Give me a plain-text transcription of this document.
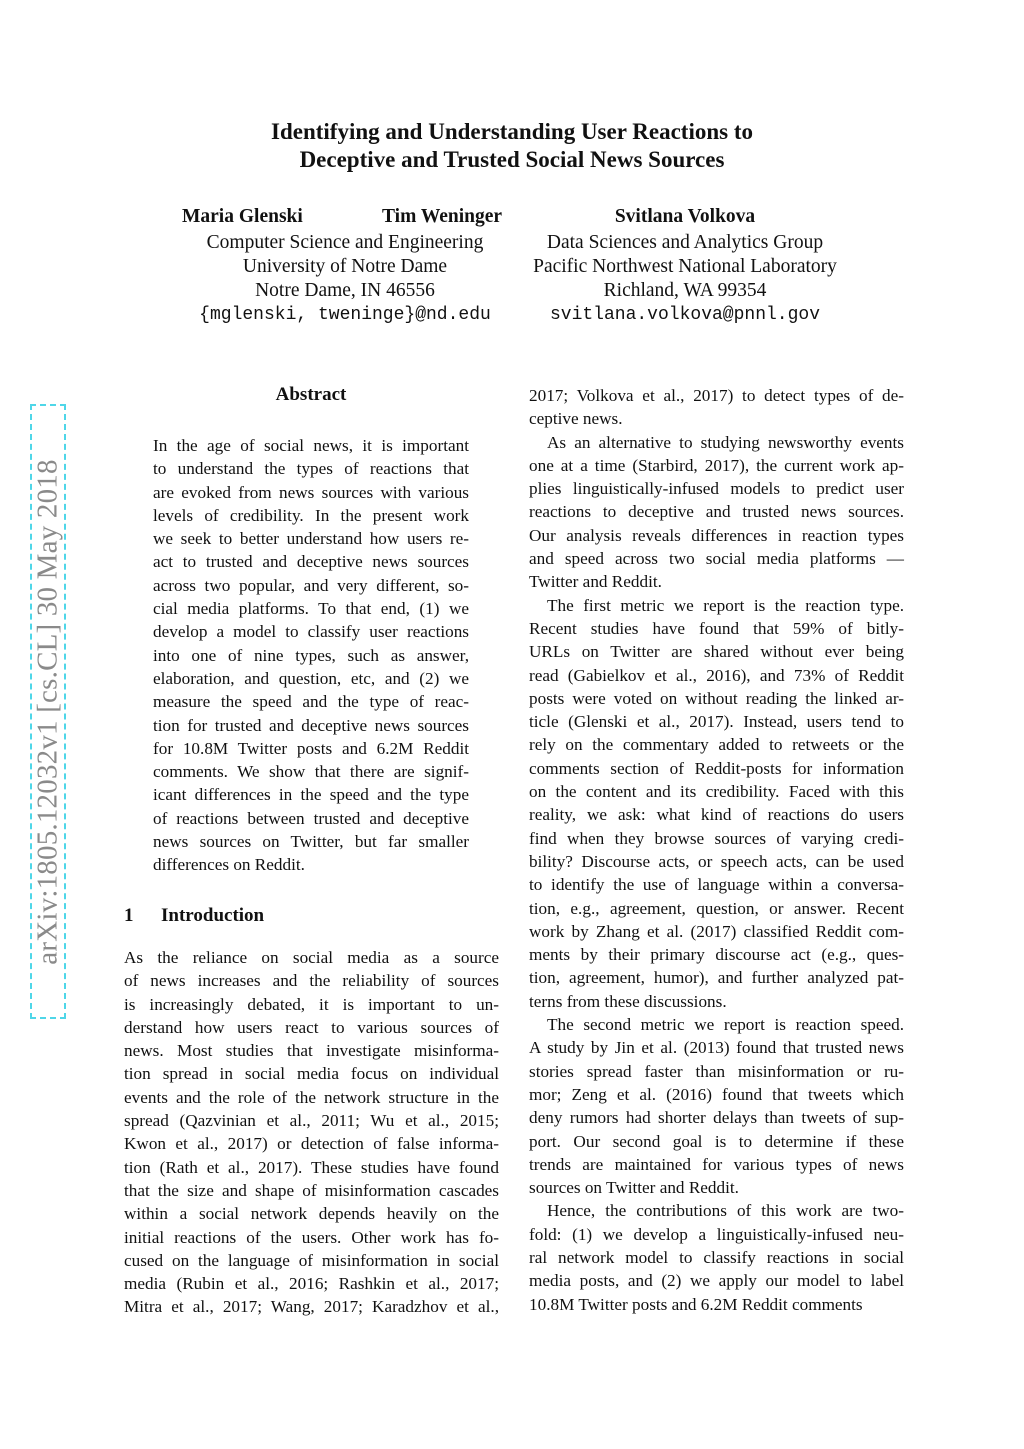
Identifying and Understanding User Reactions to
Deceptive and Trusted Social News Sources
Maria Glenski	Tim Weninger
Computer Science and Engineering
University of Notre Dame
Notre Dame, IN 46556
{mglenski, tweninge}@nd.edu
Svitlana Volkova
Data Sciences and Analytics Group
Pacific Northwest National Laboratory
Richland, WA 99354
svitlana.volkova@pnnl.gov
arXiv:1805.12032v1 [cs.CL] 30 May 2018
Abstract
In the age of social news, it is important
to understand the types of reactions that
are evoked from news sources with various
levels of credibility. In the present work
we seek to better understand how users re-
act to trusted and deceptive news sources
across two popular, and very different, so-
cial media platforms. To that end, (1) we
develop a model to classify user reactions
into one of nine types, such as answer,
elaboration, and question, etc, and (2) we
measure the speed and the type of reac-
tion for trusted and deceptive news sources
for 10.8M Twitter posts and 6.2M Reddit
comments. We show that there are signif-
icant differences in the speed and the type
of reactions between trusted and deceptive
news sources on Twitter, but far smaller
differences on Reddit.
1 Introduction
As the reliance on social media as a source
of news increases and the reliability of sources
is increasingly debated, it is important to un-
derstand how users react to various sources of
news. Most studies that investigate misinforma-
tion spread in social media focus on individual
events and the role of the network structure in the
spread (Qazvinian et al., 2011; Wu et al., 2015;
Kwon et al., 2017) or detection of false informa-
tion (Rath et al., 2017). These studies have found
that the size and shape of misinformation cascades
within a social network depends heavily on the
initial reactions of the users. Other work has fo-
cused on the language of misinformation in social
media (Rubin et al., 2016; Rashkin et al., 2017;
Mitra et al., 2017; Wang, 2017; Karadzhov et al.,
2017; Volkova et al., 2017) to detect types of de-
ceptive news.
As an alternative to studying newsworthy events
one at a time (Starbird, 2017), the current work ap-
plies linguistically-infused models to predict user
reactions to deceptive and trusted news sources.
Our analysis reveals differences in reaction types
and speed across two social media platforms —
Twitter and Reddit.
The first metric we report is the reaction type.
Recent studies have found that 59% of bitly-
URLs on Twitter are shared without ever being
read (Gabielkov et al., 2016), and 73% of Reddit
posts were voted on without reading the linked ar-
ticle (Glenski et al., 2017). Instead, users tend to
rely on the commentary added to retweets or the
comments section of Reddit-posts for information
on the content and its credibility. Faced with this
reality, we ask: what kind of reactions do users
find when they browse sources of varying credi-
bility? Discourse acts, or speech acts, can be used
to identify the use of language within a conversa-
tion, e.g., agreement, question, or answer. Recent
work by Zhang et al. (2017) classified Reddit com-
ments by their primary discourse act (e.g., ques-
tion, agreement, humor), and further analyzed pat-
terns from these discussions.
The second metric we report is reaction speed.
A study by Jin et al. (2013) found that trusted news
stories spread faster than misinformation or ru-
mor; Zeng et al. (2016) found that tweets which
deny rumors had shorter delays than tweets of sup-
port. Our second goal is to determine if these
trends are maintained for various types of news
sources on Twitter and Reddit.
Hence, the contributions of this work are two-
fold: (1) we develop a linguistically-infused neu-
ral network model to classify reactions in social
media posts, and (2) we apply our model to label
10.8M Twitter posts and 6.2M Reddit comments
